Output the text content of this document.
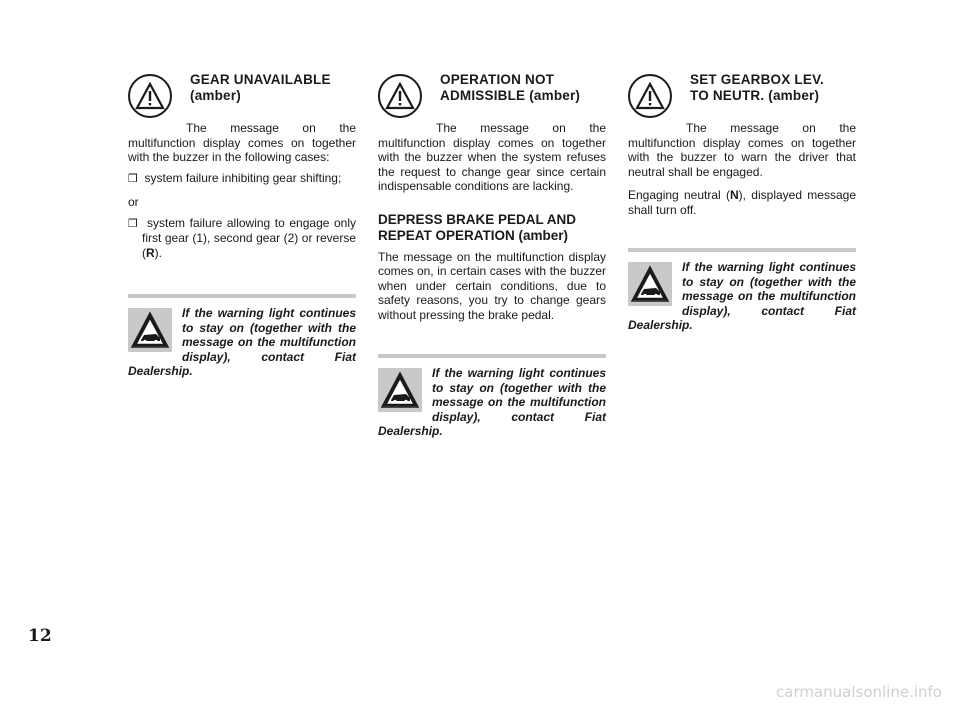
GEAR UNAVAILABLE
(amber)

The message on the multifunction display comes on together with the buzzer in the following cases:

❒ system failure inhibiting gear shifting;

or

❒ system failure allowing to engage only first gear (1), second gear (2) or reverse (R).

If the warning light continues to stay on (together with the message on the multifunction display), contact Fiat Dealership.

OPERATION NOT
ADMISSIBLE (amber)

The message on the multifunction display comes on together with the buzzer when the system refuses the request to change gear since certain indispensable conditions are lacking.

DEPRESS BRAKE PEDAL AND REPEAT OPERATION (amber)

The message on the multifunction display comes on, in certain cases with the buzzer when under certain conditions, due to safety reasons, you try to change gears without pressing the brake pedal.

If the warning light continues to stay on (together with the message on the multifunction display), contact Fiat Dealership.

SET GEARBOX LEV.
TO NEUTR. (amber)

The message on the multifunction display comes on together with the buzzer to warn the driver that neutral shall be engaged.

Engaging neutral (N), displayed message shall turn off.

If the warning light continues to stay on (together with the message on the multifunction display), contact Fiat Dealership.

12
carmanualsonline.info
